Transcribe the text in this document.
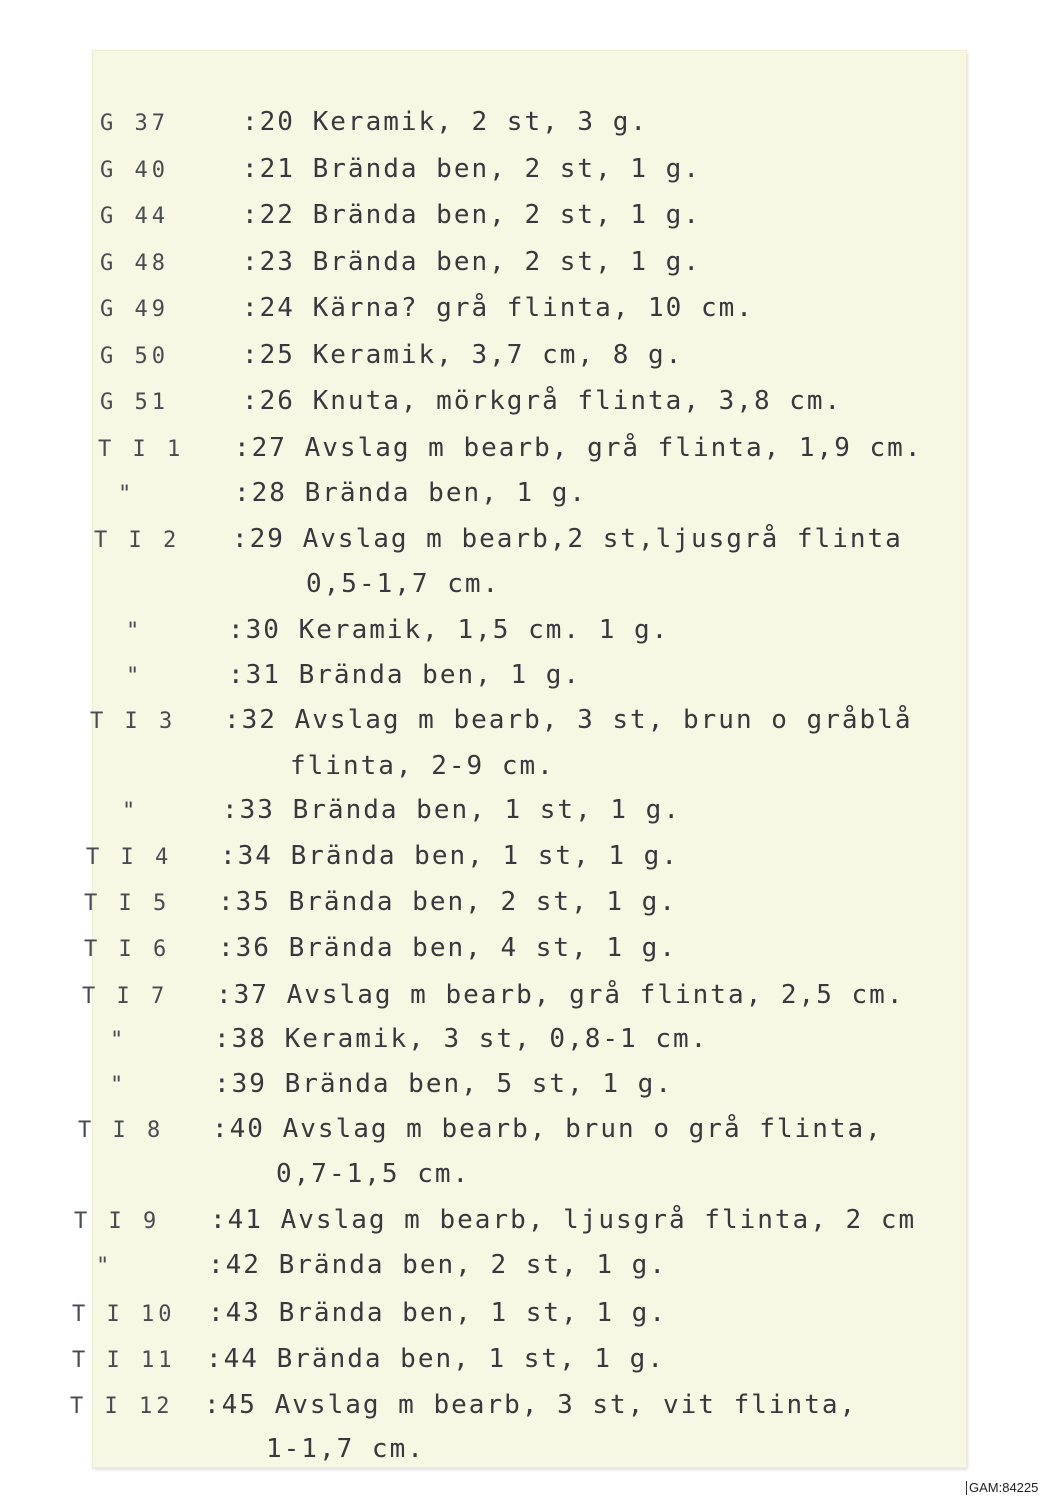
G 37	:20 Keramik, 2 st, 3 g.
G 40	:21 Brända ben, 2 st, 1 g.
G 44	:22 Brända ben, 2 st, 1 g.
G 48	:23 Brända ben, 2 st, 1 g.
G 49	:24 Kärna? grå flinta, 10 cm.
G 50	:25 Keramik, 3,7 cm, 8 g.
G 51	:26 Knuta, mörkgrå flinta, 3,8 cm.
T I 1 :27 Avslag m bearb, grå flinta, 1,9 cm.
"	:28 Brända ben, 1 g.
T I 2 :29 Avslag m bearb,2 st,ljusgrå flinta
0,5-1,7 cm.
"	:30 Keramik, 1,5 cm. 1 g.
"	:31 Brända ben, 1 g.
T I 3 :32 Avslag m bearb, 3 st, brun o gråblå
flinta, 2-9 cm.
"	:33 Brända ben, 1 st, 1 g.
T I 4 :34 Brända ben, 1 st, 1 g.
T I 5 :35 Brända ben, 2 st, 1 g.
T I 6 :36 Brända ben, 4 st, 1 g.
T I 7 :37 Avslag m bearb, grå flinta, 2,5 cm.
"	:38 Keramik, 3 st, 0,8-1 cm.
"	:39 Brända ben, 5 st, 1 g.
T I 8 :40 Avslag m bearb, brun o grå flinta,
0,7-1,5 cm.
T I 9 :41 Avslag m bearb, ljusgrå flinta, 2 cm
"	:42 Brända ben, 2 st, 1 g.
T I 10 :43 Brända ben, 1 st, 1 g.
T I 11 :44 Brända ben, 1 st, 1 g.
T I 12 :45 Avslag m bearb, 3 st, vit flinta,
1-1,7 cm.
GAM:84225
